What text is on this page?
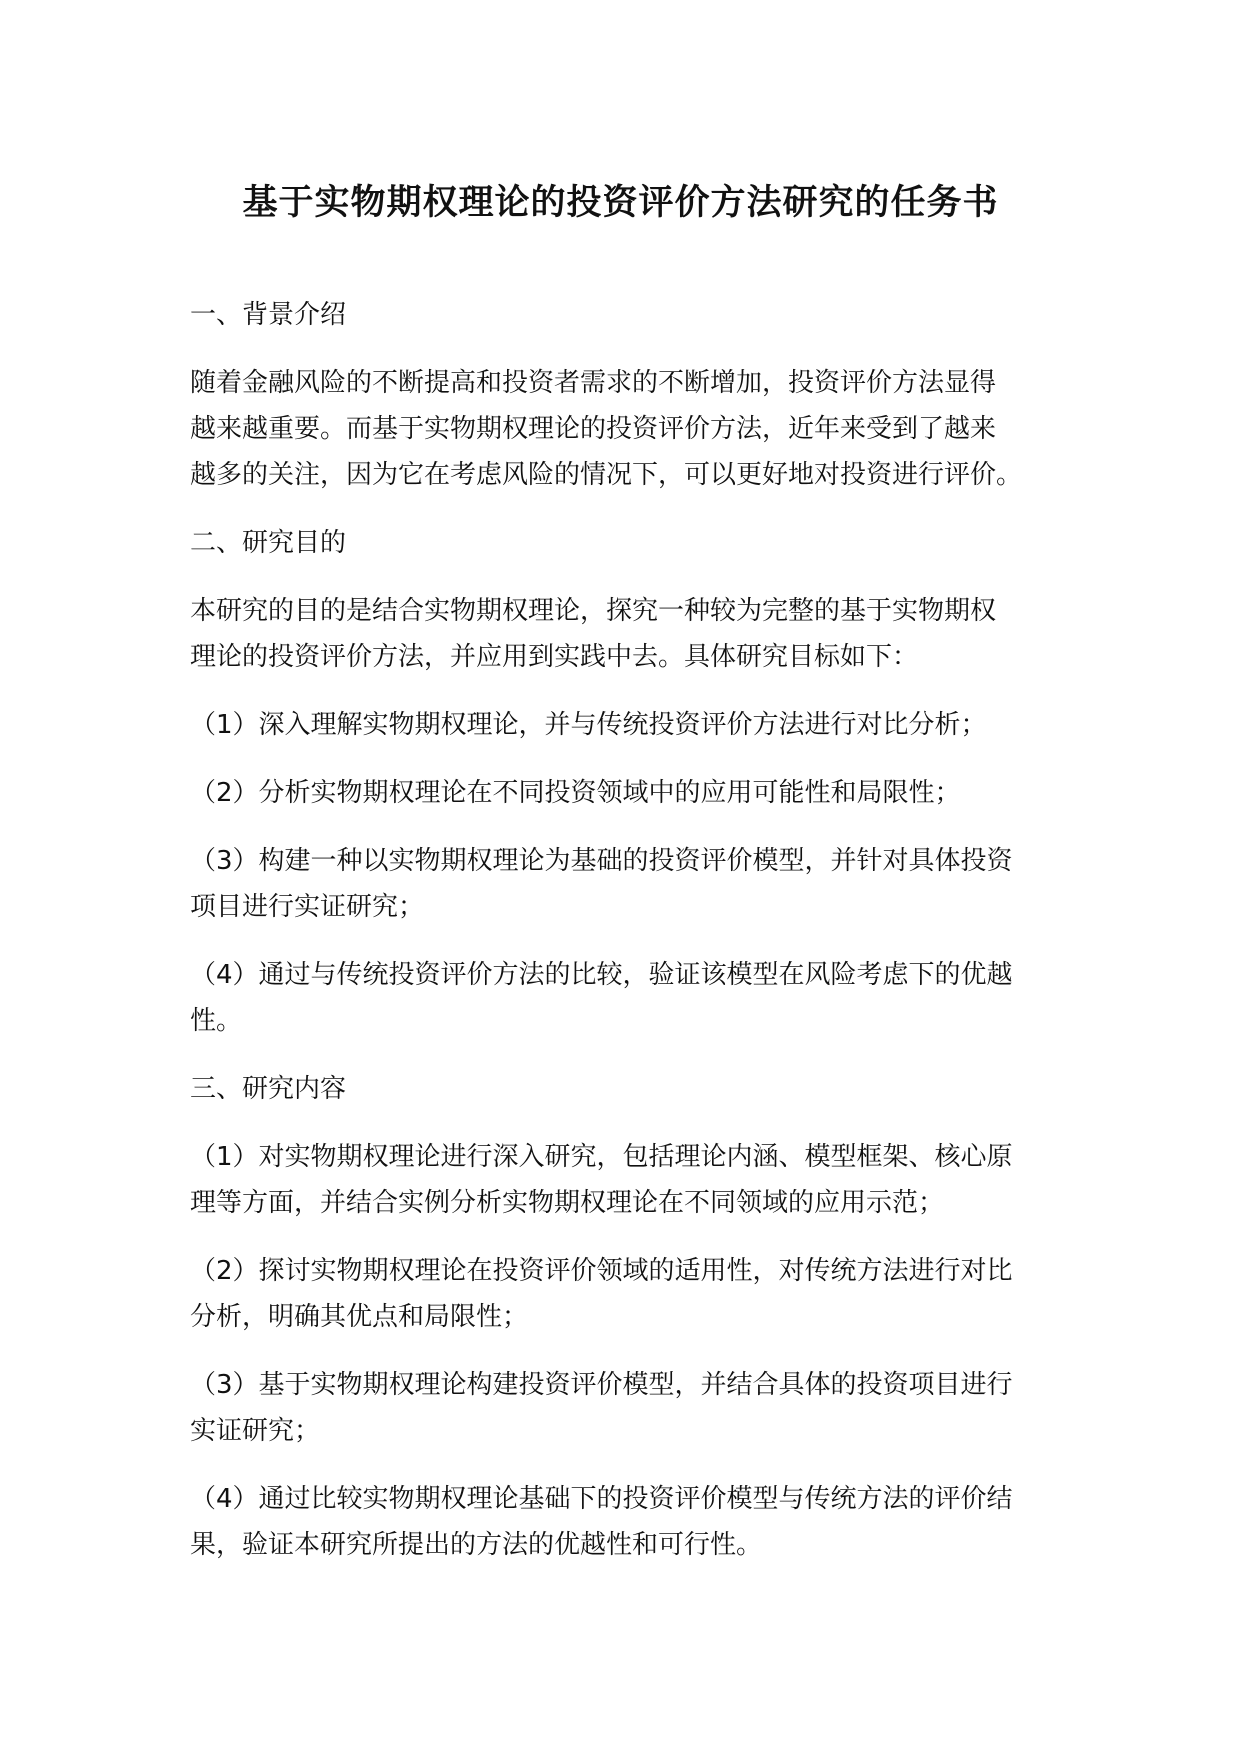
基于实物期权理论的投资评价方法研究的任务书

一、背景介绍

随着金融风险的不断提高和投资者需求的不断增加，投资评价方法显得
越来越重要。而基于实物期权理论的投资评价方法，近年来受到了越来
越多的关注，因为它在考虑风险的情况下，可以更好地对投资进行评价。

二、研究目的

本研究的目的是结合实物期权理论，探究一种较为完整的基于实物期权
理论的投资评价方法，并应用到实践中去。具体研究目标如下：

（1）深入理解实物期权理论，并与传统投资评价方法进行对比分析；

（2）分析实物期权理论在不同投资领域中的应用可能性和局限性；

（3）构建一种以实物期权理论为基础的投资评价模型，并针对具体投资
项目进行实证研究；

（4）通过与传统投资评价方法的比较，验证该模型在风险考虑下的优越
性。

三、研究内容

（1）对实物期权理论进行深入研究，包括理论内涵、模型框架、核心原
理等方面，并结合实例分析实物期权理论在不同领域的应用示范；

（2）探讨实物期权理论在投资评价领域的适用性，对传统方法进行对比
分析，明确其优点和局限性；

（3）基于实物期权理论构建投资评价模型，并结合具体的投资项目进行
实证研究；

（4）通过比较实物期权理论基础下的投资评价模型与传统方法的评价结
果，验证本研究所提出的方法的优越性和可行性。
